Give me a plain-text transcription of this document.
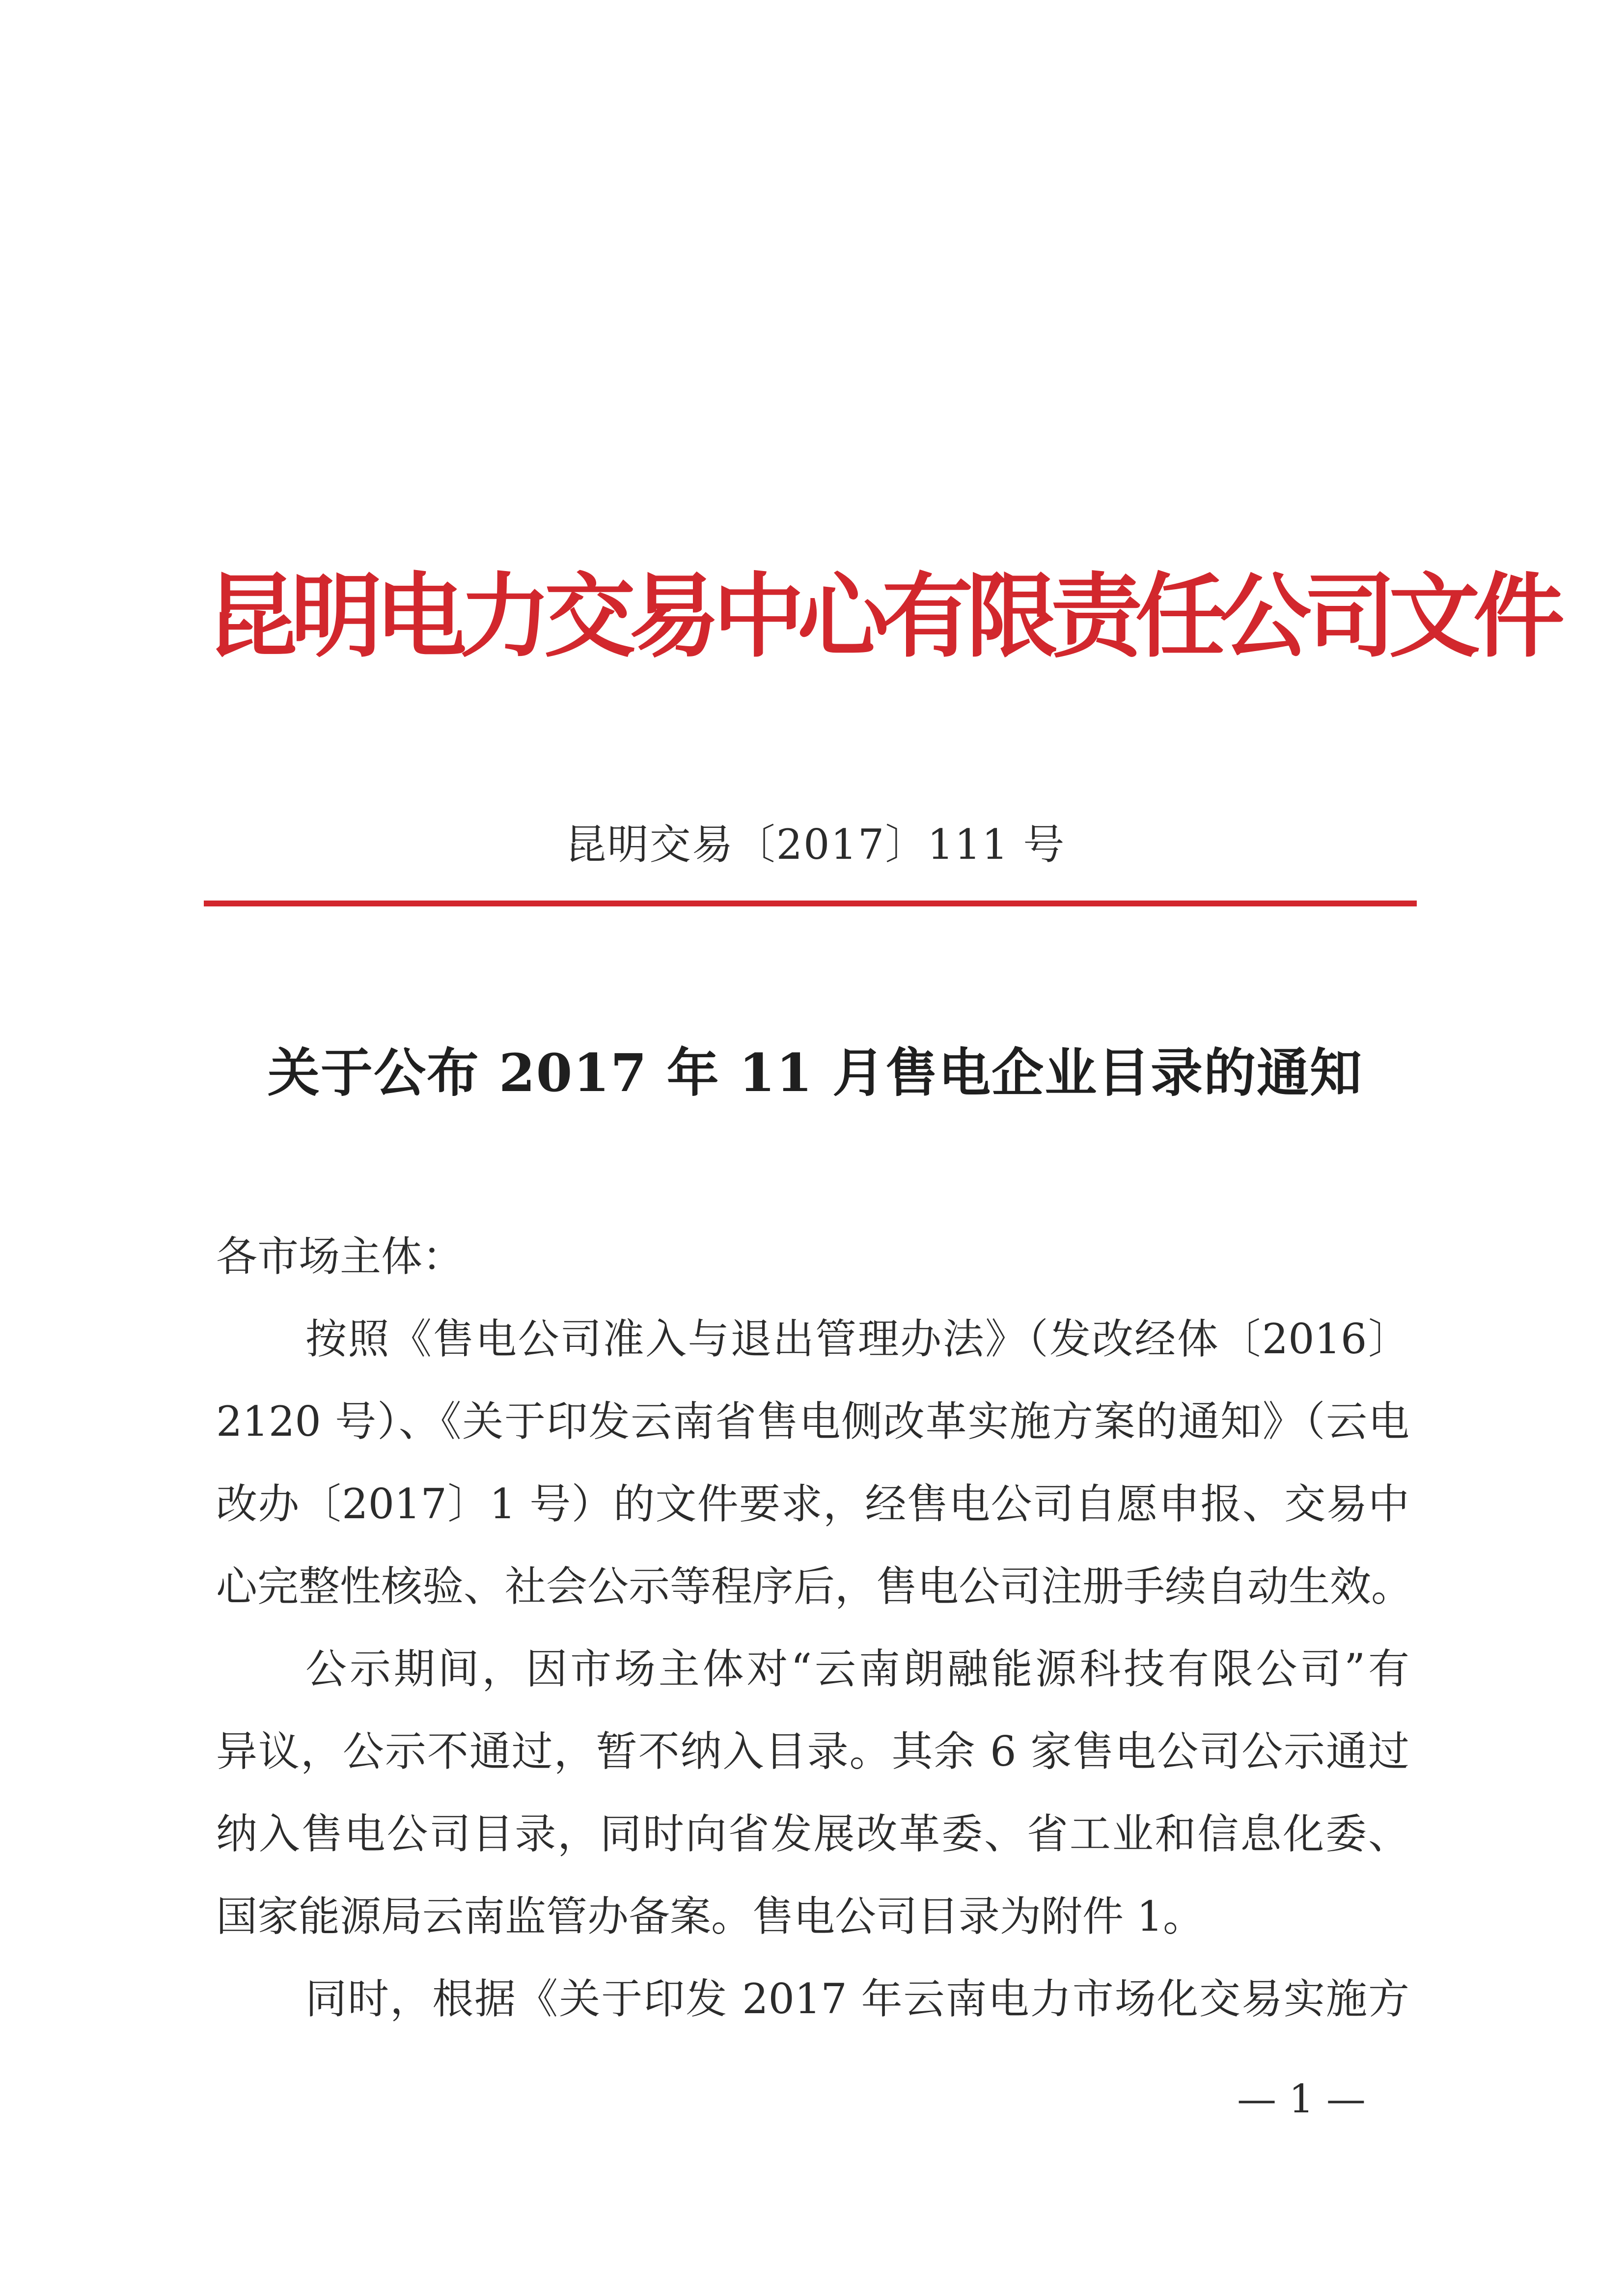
昆明电力交易中心有限责任公司文件
昆明交易〔2017〕111 号
关于公布 2017 年 11 月售电企业目录的通知

各市场主体：

按照《售电公司准入与退出管理办法》（发改经体〔2016〕

2120 号）、《关于印发云南省售电侧改革实施方案的通知》（云电

改办〔2017〕1 号）的文件要求，经售电公司自愿申报、交易中

心完整性核验、社会公示等程序后，售电公司注册手续自动生效。

公示期间，因市场主体对“云南朗融能源科技有限公司”有

异议，公示不通过，暂不纳入目录。其余 6 家售电公司公示通过

纳入售电公司目录，同时向省发展改革委、省工业和信息化委、

国家能源局云南监管办备案。售电公司目录为附件 1。

同时，根据《关于印发 2017 年云南电力市场化交易实施方

— 1 —
